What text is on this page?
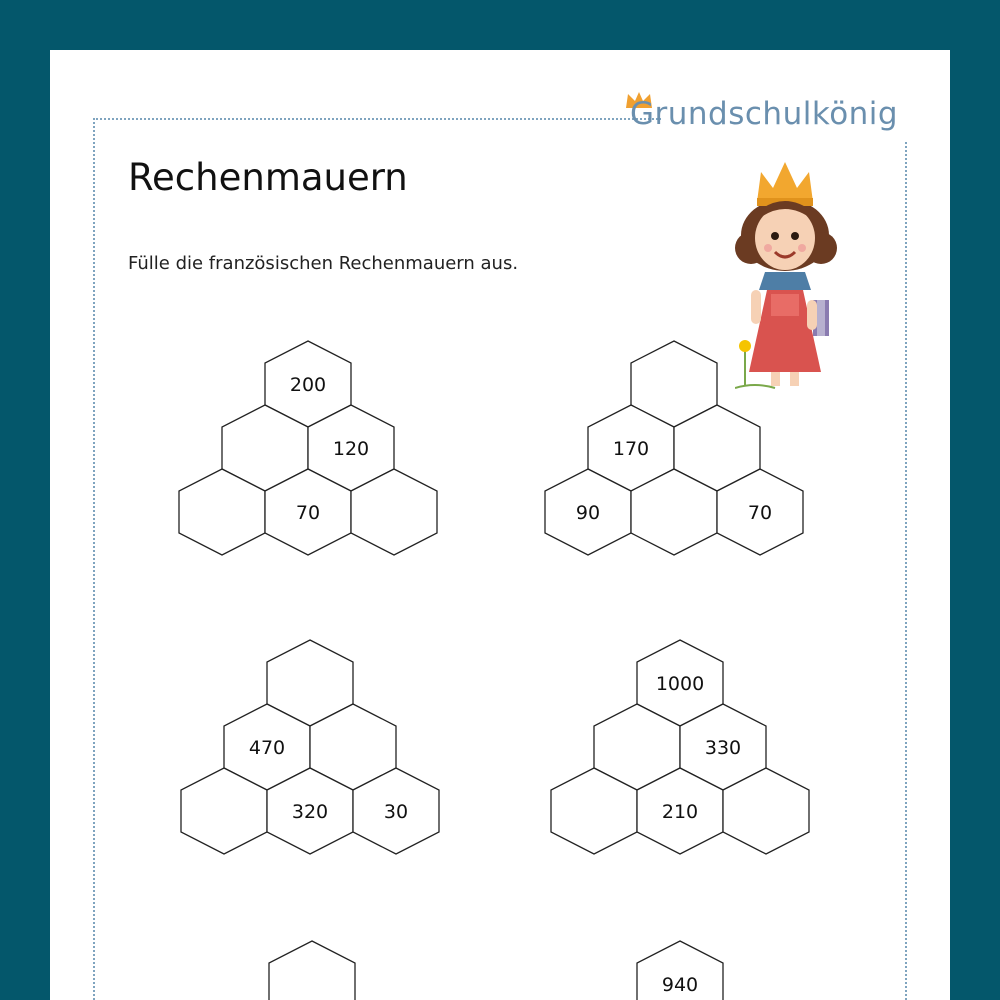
Grundschulkönig
Rechenmauern
Fülle die französischen Rechenmauern aus.
200
120
70
170
90	70
470
320	30
1000
330
210
940
